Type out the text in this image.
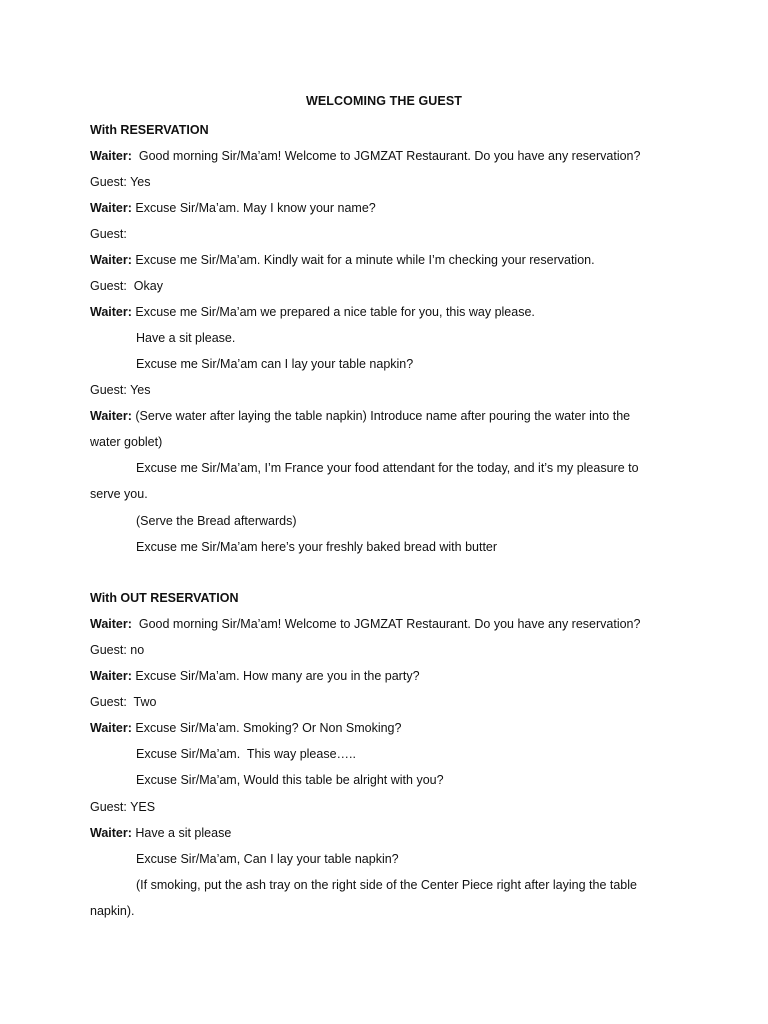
WELCOMING THE GUEST
With RESERVATION
Waiter:  Good morning Sir/Ma’am! Welcome to JGMZAT Restaurant. Do you have any reservation?
Guest: Yes
Waiter: Excuse Sir/Ma’am. May I know your name?
Guest:
Waiter: Excuse me Sir/Ma’am. Kindly wait for a minute while I’m checking your reservation.
Guest:  Okay
Waiter: Excuse me Sir/Ma’am we prepared a nice table for you, this way please.
Have a sit please.
Excuse me Sir/Ma’am can I lay your table napkin?
Guest: Yes
Waiter: (Serve water after laying the table napkin) Introduce name after pouring the water into the
water goblet)
Excuse me Sir/Ma’am, I’m France your food attendant for the today, and it’s my pleasure to
serve you.
(Serve the Bread afterwards)
Excuse me Sir/Ma’am here’s your freshly baked bread with butter
With OUT RESERVATION
Waiter:  Good morning Sir/Ma’am! Welcome to JGMZAT Restaurant. Do you have any reservation?
Guest: no
Waiter: Excuse Sir/Ma’am. How many are you in the party?
Guest:  Two
Waiter: Excuse Sir/Ma’am. Smoking? Or Non Smoking?
Excuse Sir/Ma’am.  This way please…..
Excuse Sir/Ma’am, Would this table be alright with you?
Guest: YES
Waiter: Have a sit please
Excuse Sir/Ma’am, Can I lay your table napkin?
(If smoking, put the ash tray on the right side of the Center Piece right after laying the table
napkin).
